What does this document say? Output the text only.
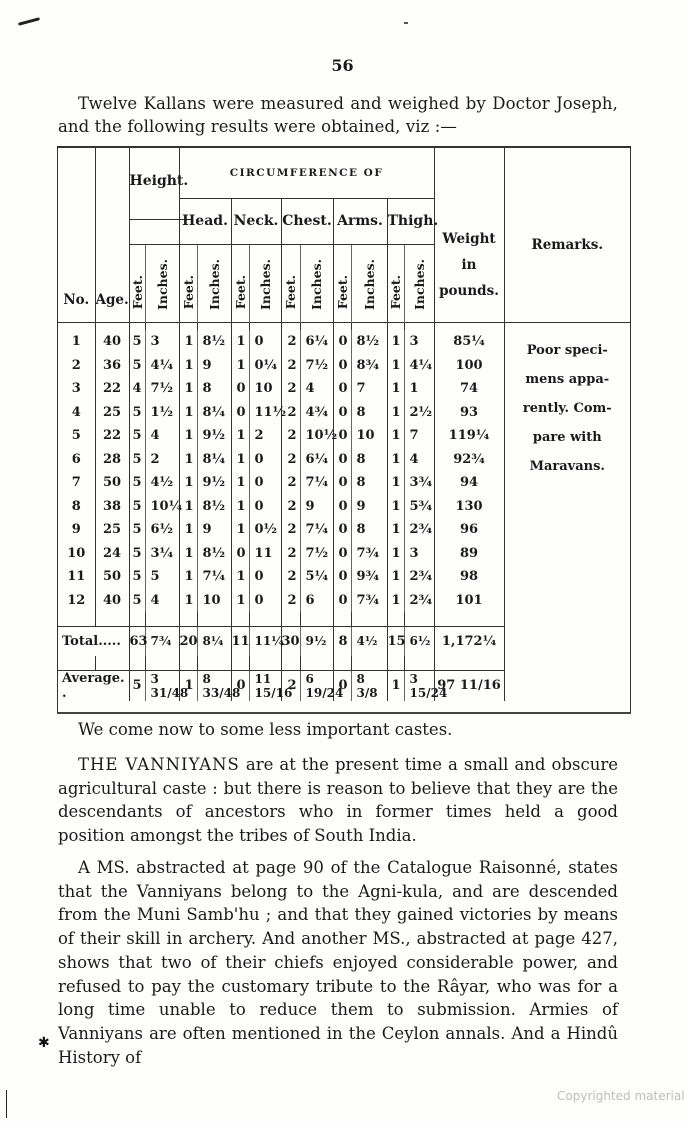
56
Twelve Kallans were measured and weighed by Doctor Joseph, and the following results were obtained, viz :—
No.	Age.	Height.		CIRCUMFERENCE OF										Weight
in
pounds.	Remarks.
				Head.		Neck.		Chest.		Arms.		Thigh.			
		Feet.	Inches.	Feet.	Inches.	Feet.	Inches.	Feet.	Inches.	Feet.	Inches.	Feet.	Inches.		

1	40	5	3	1	8½	1	0	2	6¼	0	8½	1	3	85¼	Poor speci-
mens appa-
rently. Com-
pare with
Maravans.

2	36	5	4¼	1	9	1	0¼	2	7½	0	8¾	1	4¼	100	
3	22	4	7½	1	8	0	10	2	4	0	7	1	1	74	
4	25	5	1½	1	8¼	0	11½	2	4¾	0	8	1	2½	93	
5	22	5	4	1	9½	1	2	2	10½	0	10	1	7	119¼	
6	28	5	2	1	8¼	1	0	2	6¼	0	8	1	4	92¾	
7	50	5	4½	1	9½	1	0	2	7¼	0	8	1	3¾	94	
8	38	5	10¼	1	8½	1	0	2	9	0	9	1	5¾	130	
9	25	5	6½	1	9	1	0½	2	7¼	0	8	1	2¾	96	
10	24	5	3¼	1	8½	0	11	2	7½	0	7¾	1	3	89	
11	50	5	5	1	7¼	1	0	2	5¼	0	9¾	1	2¾	98	
12	40	5	4	1	10	1	0	2	6	0	7¾	1	2¾	101	

Total.....		63	7¾	20	8¼	11	11¼	30	9½	8	4½	15	6½	1,172¼	

Average. .		5	3 31/48	1	8 33/48	0	11 15/16	2	6 19/24	0	8 3/8	1	3 15/24	97 11/16	
We come now to some less important castes.
THE VANNIYANS are at the present time a small and obscure agricultural caste : but there is reason to believe that they are the descendants of ancestors who in former times held a good position amongst the tribes of South India.
A MS. abstracted at page 90 of the Catalogue Raisonné, states that the Vanniyans belong to the Agni-kula, and are descended from the Muni Samb'hu ; and that they gained victories by means of their skill in archery. And another MS., abstracted at page 427, shows that two of their chiefs enjoyed considerable power, and refused to pay the customary tribute to the Râyar, who was for a long time unable to reduce them to submission. Armies of Vanniyans are often mentioned in the Ceylon annals. And a Hindû History of
✱
Copyrighted material
